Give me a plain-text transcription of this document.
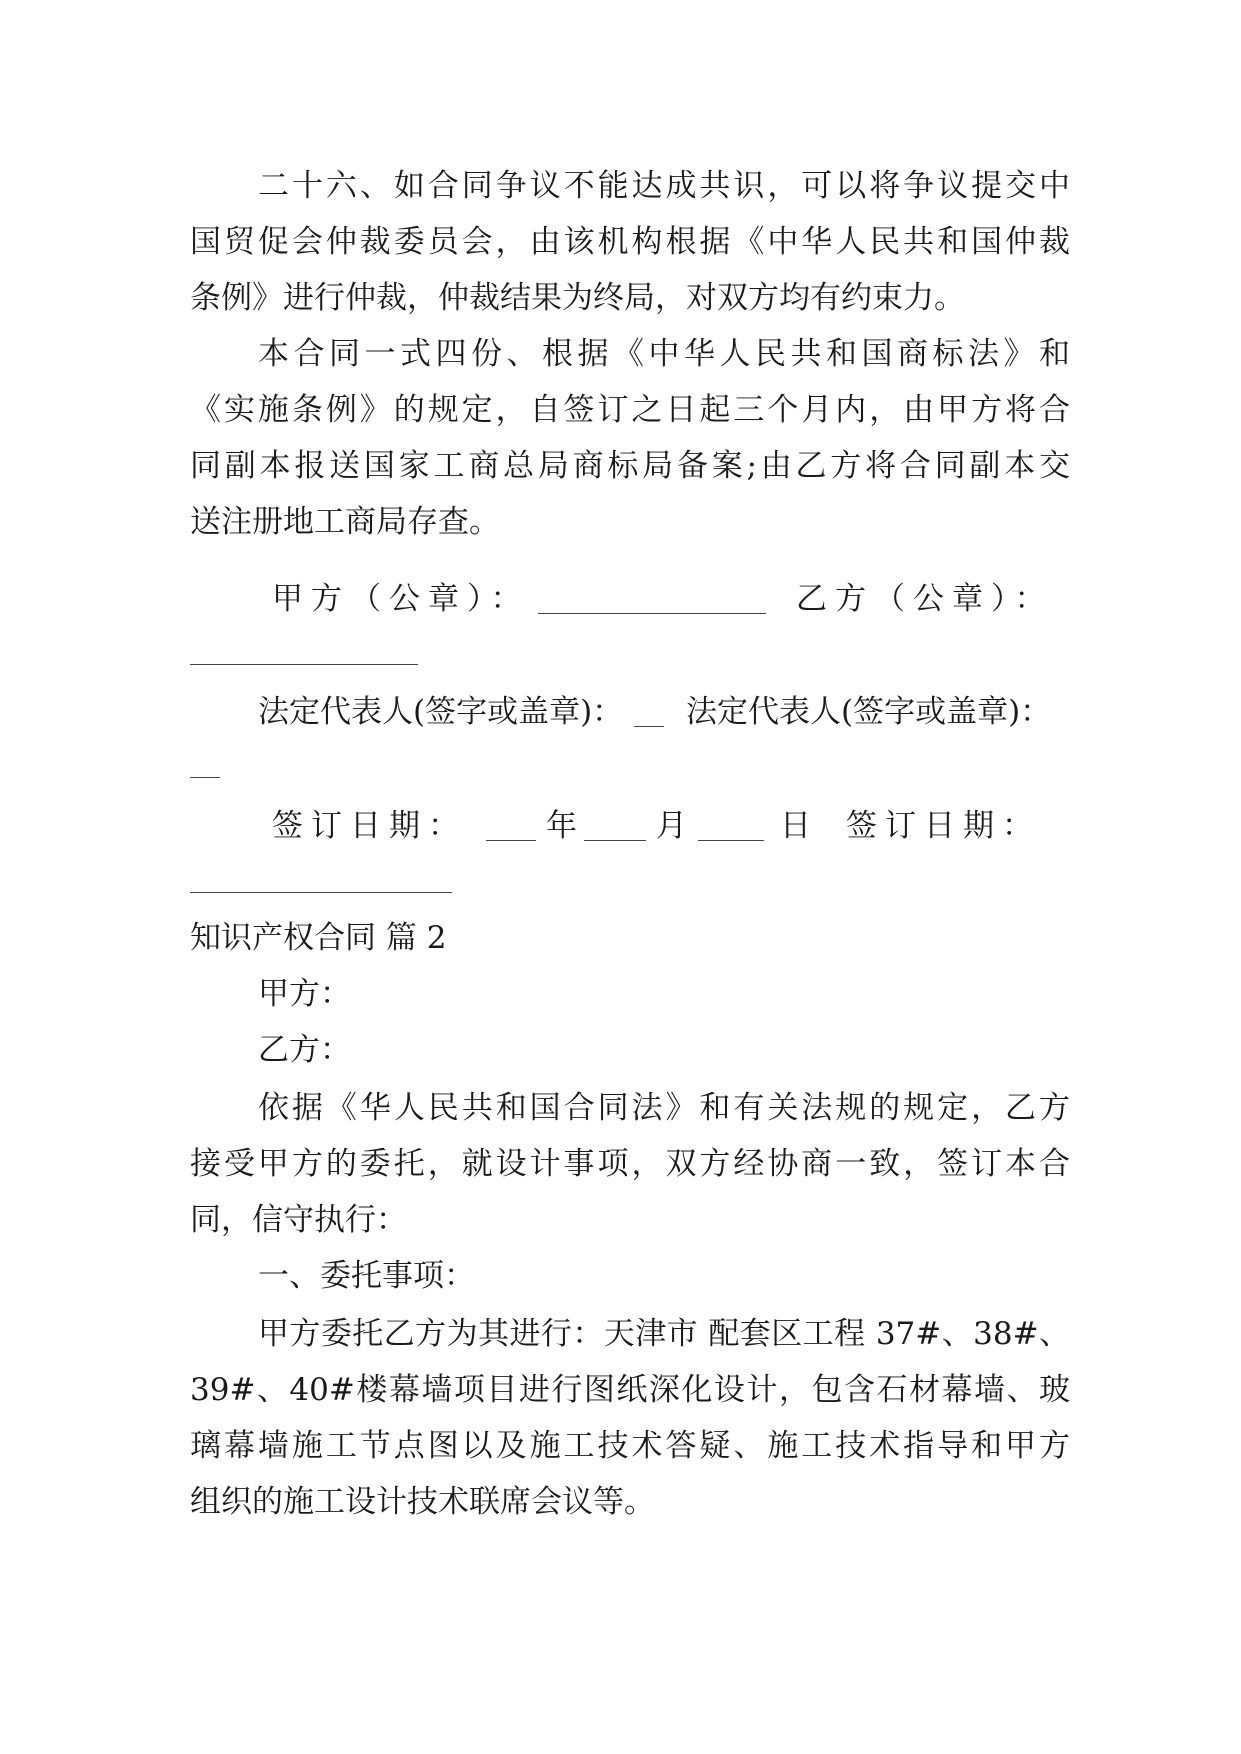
二十六、如合同争议不能达成共识，可以将争议提交中

国贸促会仲裁委员会，由该机构根据《中华人民共和国仲裁

条例》进行仲裁，仲裁结果为终局，对双方均有约束力。

本合同一式四份、根据《中华人民共和国商标法》和

《实施条例》的规定，自签订之日起三个月内，由甲方将合

同副本报送国家工商总局商标局备案;由乙方将合同副本交

送注册地工商局存查。

甲方（公章）：	乙方（公章）：
法定代表人(签字或盖章)：	法定代表人(签字或盖章)：
签订日期：	年	月	日 签订日期：

知识产权合同 篇 2

甲方：

乙方：

依据《华人民共和国合同法》和有关法规的规定，乙方

接受甲方的委托，就设计事项，双方经协商一致，签订本合

同，信守执行：

一、委托事项：

甲方委托乙方为其进行：天津市 配套区工程 37#、38#、

39#、40#楼幕墙项目进行图纸深化设计，包含石材幕墙、玻

璃幕墙施工节点图以及施工技术答疑、施工技术指导和甲方

组织的施工设计技术联席会议等。
